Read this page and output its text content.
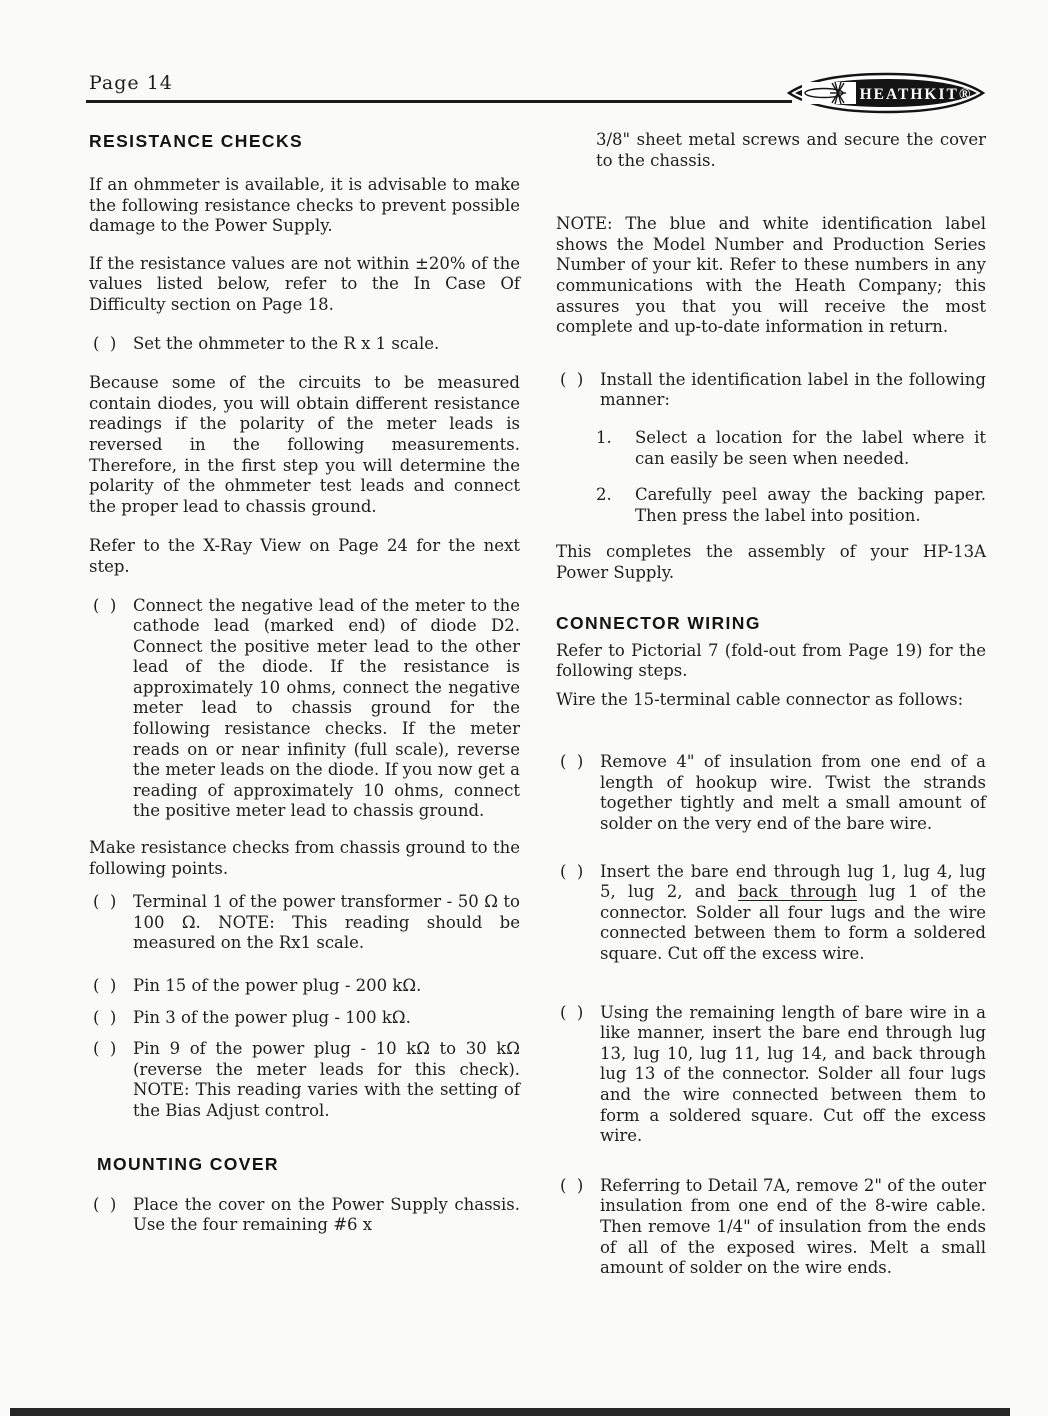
Page 14
HEATHKIT®
RESISTANCE CHECKS

If an ohmmeter is available, it is advisable to make the following resistance checks to prevent possible damage to the Power Supply.

If the resistance values are not within ±20% of the values listed below, refer to the In Case Of Difficulty section on Page 18.

(  ) Set the ohmmeter to the R x 1 scale.

Because some of the circuits to be measured contain diodes, you will obtain different resistance readings if the polarity of the meter leads is reversed in the following measurements. Therefore, in the first step you will determine the polarity of the ohmmeter test leads and connect the proper lead to chassis ground.

Refer to the X-Ray View on Page 24 for the next step.

(  ) Connect the negative lead of the meter to the cathode lead (marked end) of diode D2. Connect the positive meter lead to the other lead of the diode. If the resistance is approximately 10 ohms, connect the negative meter lead to chassis ground for the following resistance checks. If the meter reads on or near infinity (full scale), reverse the meter leads on the diode. If you now get a reading of approximately 10 ohms, connect the positive meter lead to chassis ground.

Make resistance checks from chassis ground to the following points.

(  ) Terminal 1 of the power transformer - 50 Ω to 100 Ω. NOTE: This reading should be measured on the Rx1 scale.
(  ) Pin 15 of the power plug - 200 kΩ.
(  ) Pin 3 of the power plug - 100 kΩ.
(  ) Pin 9 of the power plug - 10 kΩ to 30 kΩ (reverse the meter leads for this check). NOTE: This reading varies with the setting of the Bias Adjust control.
MOUNTING COVER
(  ) Place the cover on the Power Supply chassis. Use the four remaining #6 x

3/8" sheet metal screws and secure the cover to the chassis.

NOTE: The blue and white identification label shows the Model Number and Production Series Number of your kit. Refer to these numbers in any communications with the Heath Company; this assures you that you will receive the most complete and up-to-date information in return.

(  ) Install the identification label in the following manner:
1. Select a location for the label where it can easily be seen when needed.
2. Carefully peel away the backing paper. Then press the label into position.

This completes the assembly of your HP-13A Power Supply.

CONNECTOR WIRING

Refer to Pictorial 7 (fold-out from Page 19) for the following steps.

Wire the 15-terminal cable connector as follows:

(  ) Remove 4" of insulation from one end of a length of hookup wire. Twist the strands together tightly and melt a small amount of solder on the very end of the bare wire.
(  ) Insert the bare end through lug 1, lug 4, lug 5, lug 2, and back through lug 1 of the connector. Solder all four lugs and the wire connected between them to form a soldered square. Cut off the excess wire.
(  ) Using the remaining length of bare wire in a like manner, insert the bare end through lug 13, lug 10, lug 11, lug 14, and back through lug 13 of the connector. Solder all four lugs and the wire connected between them to form a soldered square. Cut off the excess wire.
(  ) Referring to Detail 7A, remove 2" of the outer insulation from one end of the 8-wire cable. Then remove 1/4" of insulation from the ends of all of the exposed wires. Melt a small amount of solder on the wire ends.
